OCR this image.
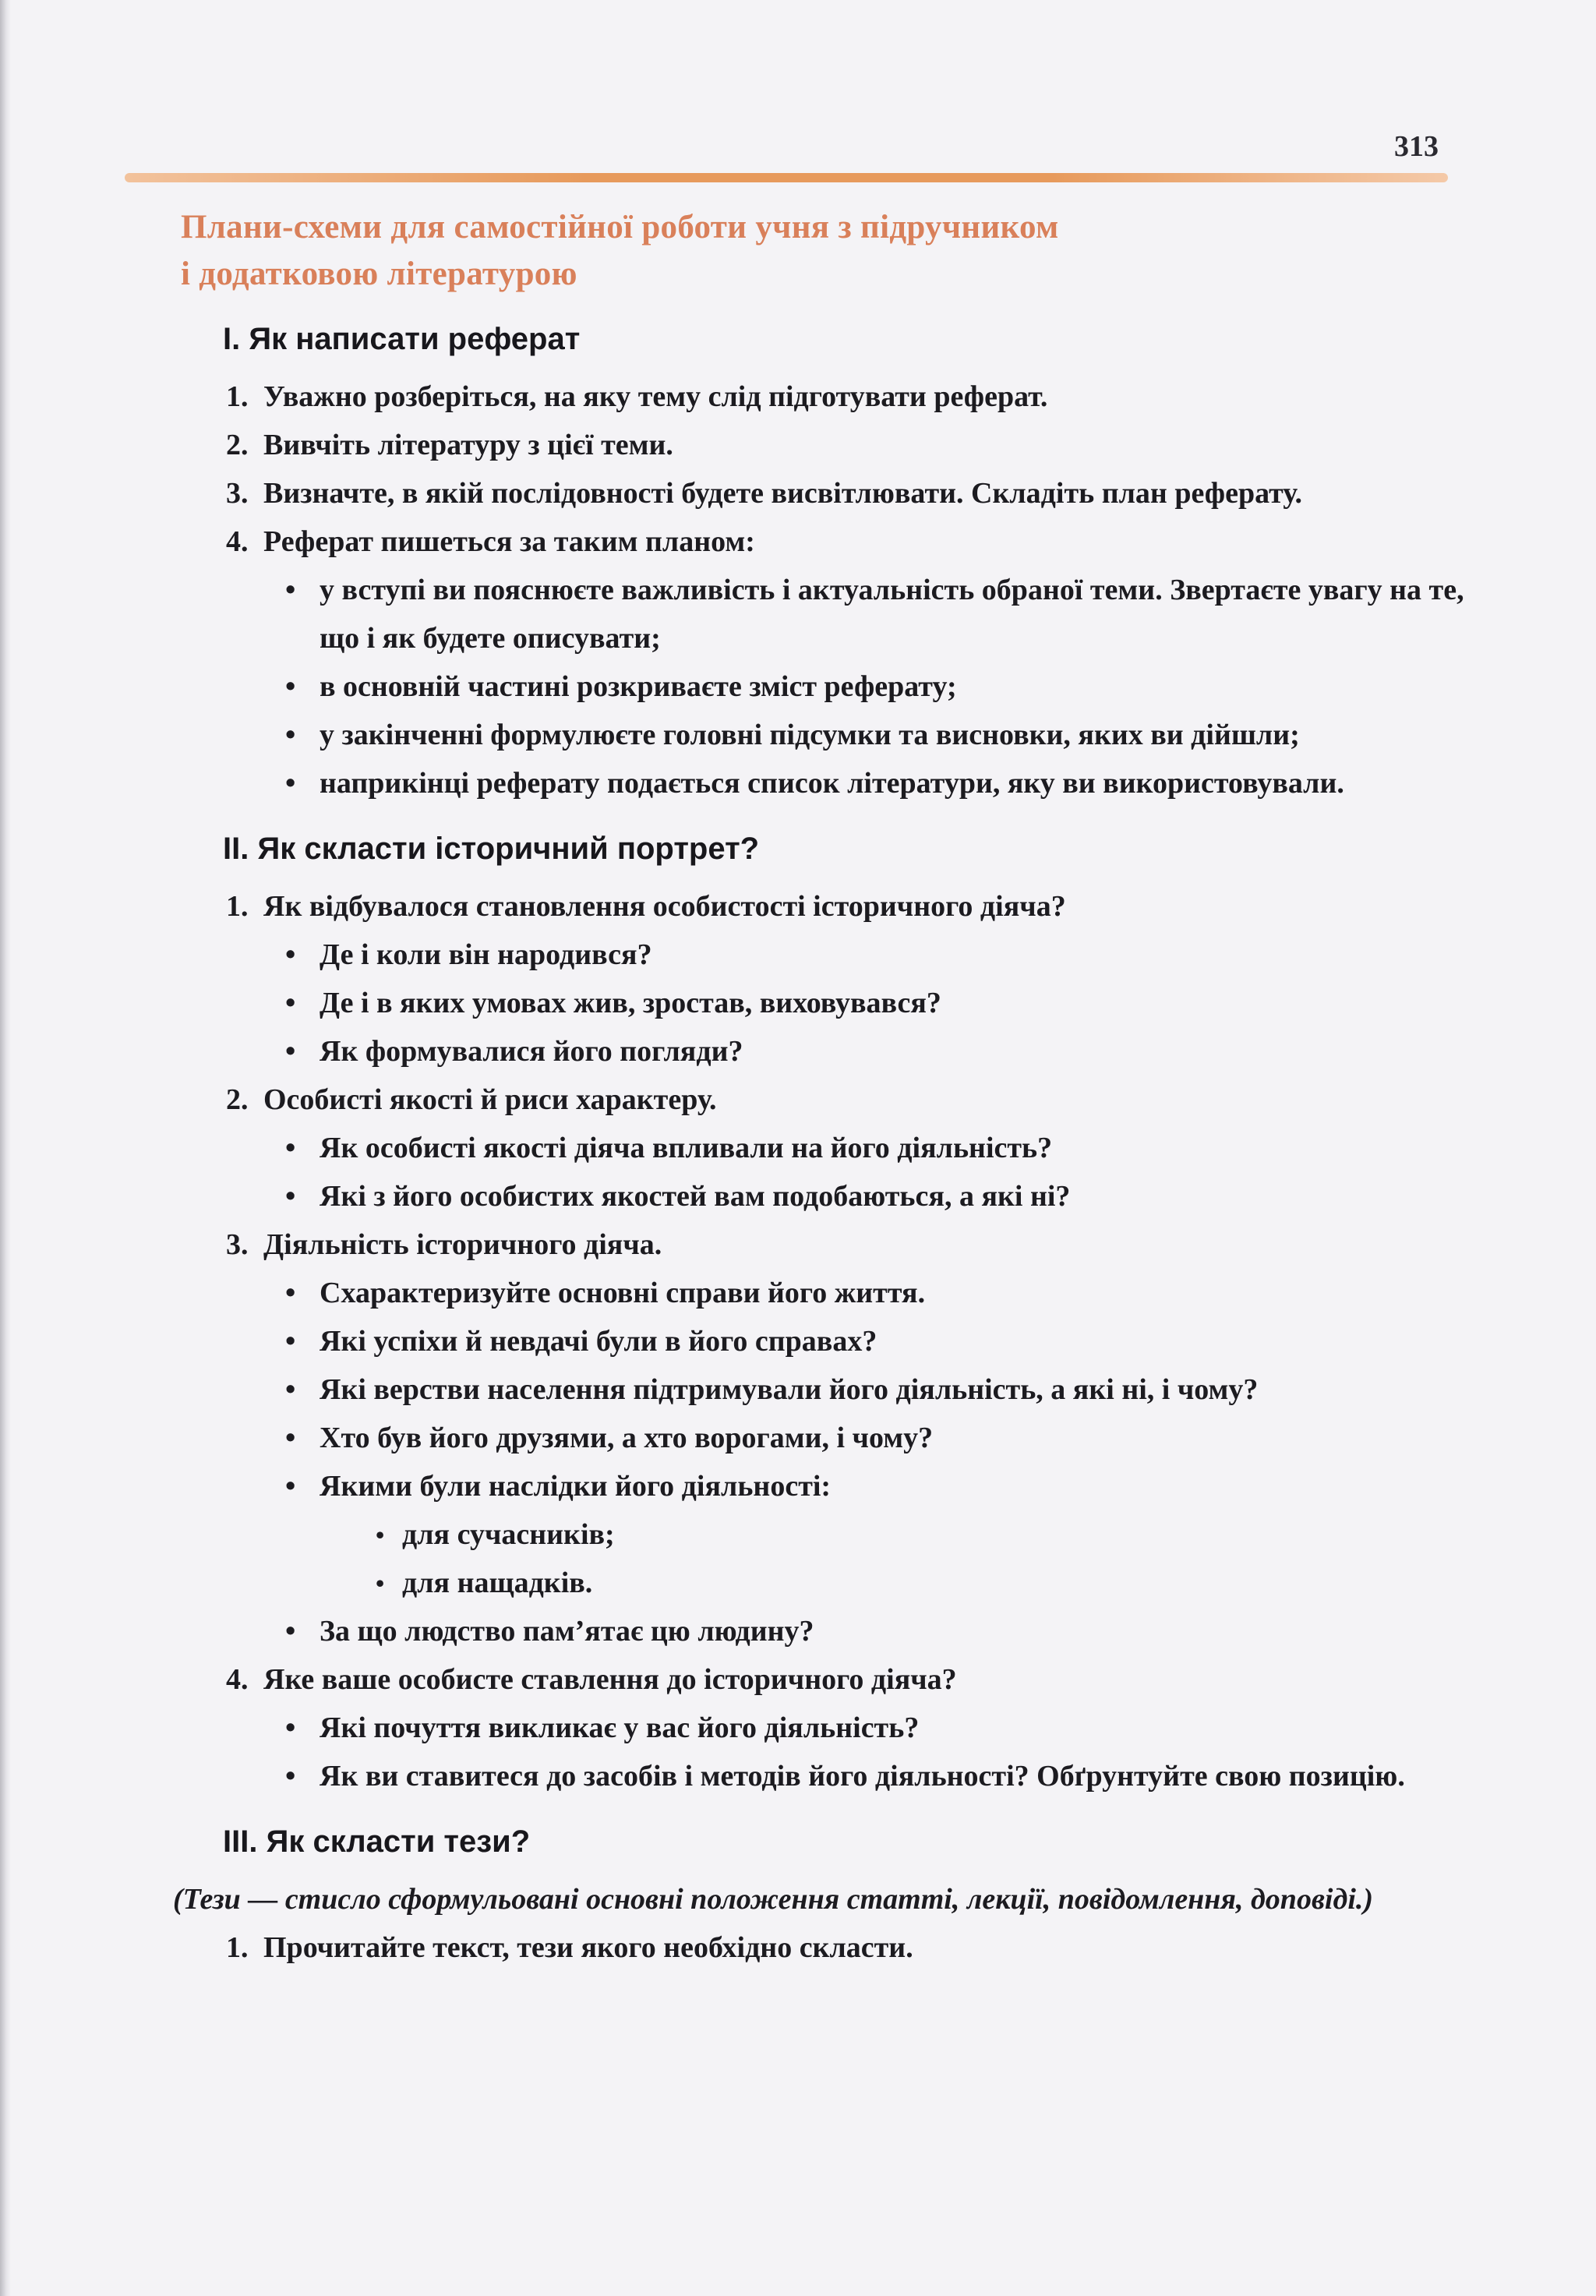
313
Плани-схеми для самостійної роботи учня з підручником
і додатковою літературою
I. Як написати реферат
1. Уважно розберіться, на яку тему слід підготувати реферат.
2. Вивчіть літературу з цієї теми.
3. Визначте, в якій послідовності будете висвітлювати. Складіть план реферату.
4. Реферат пишеться за таким планом:
• у вступі ви пояснюєте важливість і актуальність обраної теми. Звертаєте увагу на те, що і як будете описувати;
• в основній частині розкриваєте зміст реферату;
• у закінченні формулюєте головні підсумки та висновки, яких ви дійшли;
• наприкінці реферату подається список літератури, яку ви використовували.
II. Як скласти історичний портрет?
1. Як відбувалося становлення особистості історичного діяча?
• Де і коли він народився?
• Де і в яких умовах жив, зростав, виховувався?
• Як формувалися його погляди?
2. Особисті якості й риси характеру.
• Як особисті якості діяча впливали на його діяльність?
• Які з його особистих якостей вам подобаються, а які ні?
3. Діяльність історичного діяча.
• Схарактеризуйте основні справи його життя.
• Які успіхи й невдачі були в його справах?
• Які верстви населення підтримували його діяльність, а які ні, і чому?
• Хто був його друзями, а хто ворогами, і чому?
• Якими були наслідки його діяльності:
• для сучасників;
• для нащадків.
• За що людство пам’ятає цю людину?
4. Яке ваше особисте ставлення до історичного діяча?
• Які почуття викликає у вас його діяльність?
• Як ви ставитеся до засобів і методів його діяльності? Обґрунтуйте свою позицію.
III. Як скласти тези?

(Тези — стисло сформульовані основні положення статті, лекції, повідомлення, доповіді.)

1. Прочитайте текст, тези якого необхідно скласти.
